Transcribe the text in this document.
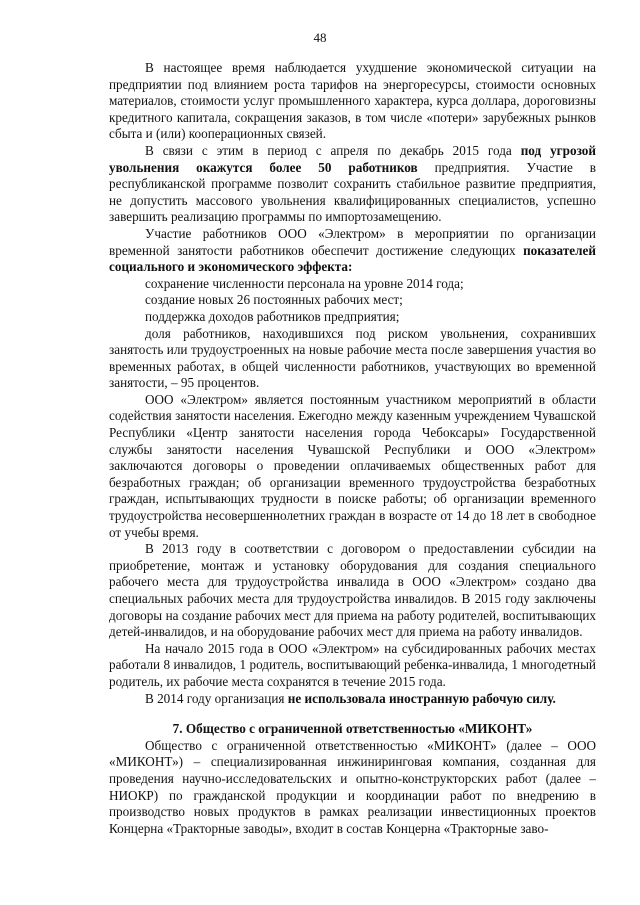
48

В настоящее время наблюдается ухудшение экономической ситуации на предприятии под влиянием роста тарифов на энергоресурсы, стоимости основных материалов, стоимости услуг промышленного характера, курса доллара, дороговизны кредитного капитала, сокращения заказов, в том числе «потери» зарубежных рынков сбыта и (или) кооперационных связей.

В связи с этим в период с апреля по декабрь 2015 года под угрозой увольнения окажутся более 50 работников предприятия. Участие в республиканской программе позволит сохранить стабильное развитие предприятия, не допустить массового увольнения квалифицированных специалистов, успешно завершить реализацию программы по импортозамещению.

Участие работников ООО «Электром» в мероприятии по организации временной занятости работников обеспечит достижение следующих показателей социального и экономического эффекта:

сохранение численности персонала на уровне 2014 года;

создание новых 26 постоянных рабочих мест;

поддержка доходов работников предприятия;

доля работников, находившихся под риском увольнения, сохранивших занятость или трудоустроенных на новые рабочие места после завершения участия во временных работах, в общей численности работников, участвующих во временной занятости, – 95 процентов.

ООО «Электром» является постоянным участником мероприятий в области содействия занятости населения. Ежегодно между казенным учреждением Чувашской Республики «Центр занятости населения города Чебоксары» Государственной службы занятости населения Чувашской Республики и ООО «Электром» заключаются договоры о проведении оплачиваемых общественных работ для безработных граждан; об организации временного трудоустройства безработных граждан, испытывающих трудности в поиске работы; об организации временного трудоустройства несовершеннолетних граждан в возрасте от 14 до 18 лет в свободное от учебы время.

В 2013 году в соответствии с договором о предоставлении субсидии на приобретение, монтаж и установку оборудования для создания специального рабочего места для трудоустройства инвалида в ООО «Электром» создано два специальных рабочих места для трудоустройства инвалидов. В 2015 году заключены договоры на создание рабочих мест для приема на работу родителей, воспитывающих детей-инвалидов, и на оборудование рабочих мест для приема на работу инвалидов.

На начало 2015 года в ООО «Электром» на субсидированных рабочих местах работали 8 инвалидов, 1 родитель, воспитывающий ребенка-инвалида, 1 многодетный родитель, их рабочие места сохранятся в течение 2015 года.

В 2014 году организация не использовала иностранную рабочую силу.

7. Общество с ограниченной ответственностью «МИКОНТ»

Общество с ограниченной ответственностью «МИКОНТ» (далее – ООО «МИКОНТ») – специализированная инжиниринговая компания, созданная для проведения научно-исследовательских и опытно-конструкторских работ (далее – НИОКР) по гражданской продукции и координации работ по внедрению в производство новых продуктов в рамках реализации инвестиционных проектов Концерна «Тракторные заводы», входит в состав Концерна «Тракторные заво-
